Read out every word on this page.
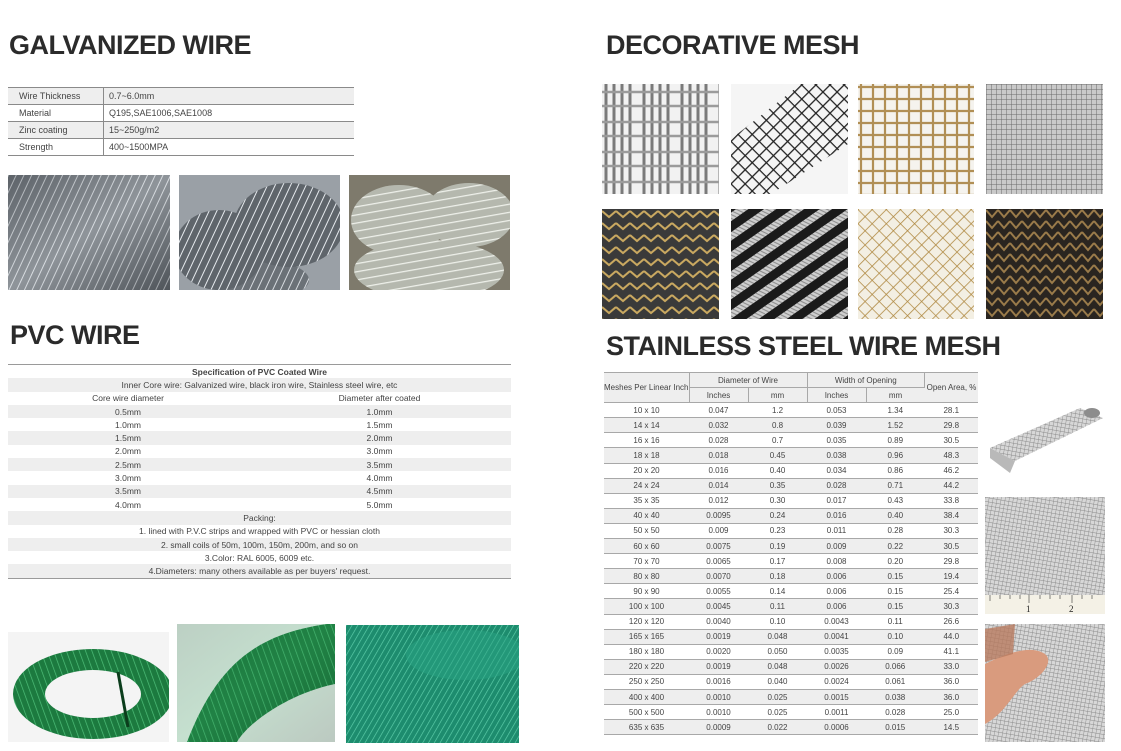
GALVANIZED WIRE
Wire Thickness	0.7~6.0mm
Material	Q195,SAE1006,SAE1008
Zinc coating	15~250g/m2
Strength	400~1500MPA
PVC WIRE
Specification of PVC Coated Wire	
Inner Core wire: Galvanized wire, black iron wire, Stainless steel wire, etc	
Core wire diameter	Diameter after coated
0.5mm	1.0mm
1.0mm	1.5mm
1.5mm	2.0mm
2.0mm	3.0mm
2.5mm	3.5mm
3.0mm	4.0mm
3.5mm	4.5mm
4.0mm	5.0mm
Packing:	
1. lined with P.V.C strips and wrapped with PVC or hessian cloth	
2. small coils of 50m, 100m, 150m, 200m, and so on	
3.Color: RAL 6005, 6009 etc.	
4.Diameters: many others available as per buyers' request.	
DECORATIVE MESH
STAINLESS STEEL WIRE MESH
Meshes Per Linear Inch	Diameter of Wire		Width of Opening		Open Area, %
	Inches	mm	Inches	mm	
10 x 10	0.047	1.2	0.053	1.34	28.1
14 x 14	0.032	0.8	0.039	1.52	29.8
16 x 16	0.028	0.7	0.035	0.89	30.5
18 x 18	0.018	0.45	0.038	0.96	48.3
20 x 20	0.016	0.40	0.034	0.86	46.2
24 x 24	0.014	0.35	0.028	0.71	44.2
35 x 35	0.012	0.30	0.017	0.43	33.8
40 x 40	0.0095	0.24	0.016	0.40	38.4
50 x 50	0.009	0.23	0.011	0.28	30.3
60 x 60	0.0075	0.19	0.009	0.22	30.5
70 x 70	0.0065	0.17	0.008	0.20	29.8
80 x 80	0.0070	0.18	0.006	0.15	19.4
90 x 90	0.0055	0.14	0.006	0.15	25.4
100 x 100	0.0045	0.11	0.006	0.15	30.3
120 x 120	0.0040	0.10	0.0043	0.11	26.6
165 x 165	0.0019	0.048	0.0041	0.10	44.0
180 x 180	0.0020	0.050	0.0035	0.09	41.1
220 x 220	0.0019	0.048	0.0026	0.066	33.0
250 x 250	0.0016	0.040	0.0024	0.061	36.0
400 x 400	0.0010	0.025	0.0015	0.038	36.0
500 x 500	0.0010	0.025	0.0011	0.028	25.0
635 x 635	0.0009	0.022	0.0006	0.015	14.5
1	2
